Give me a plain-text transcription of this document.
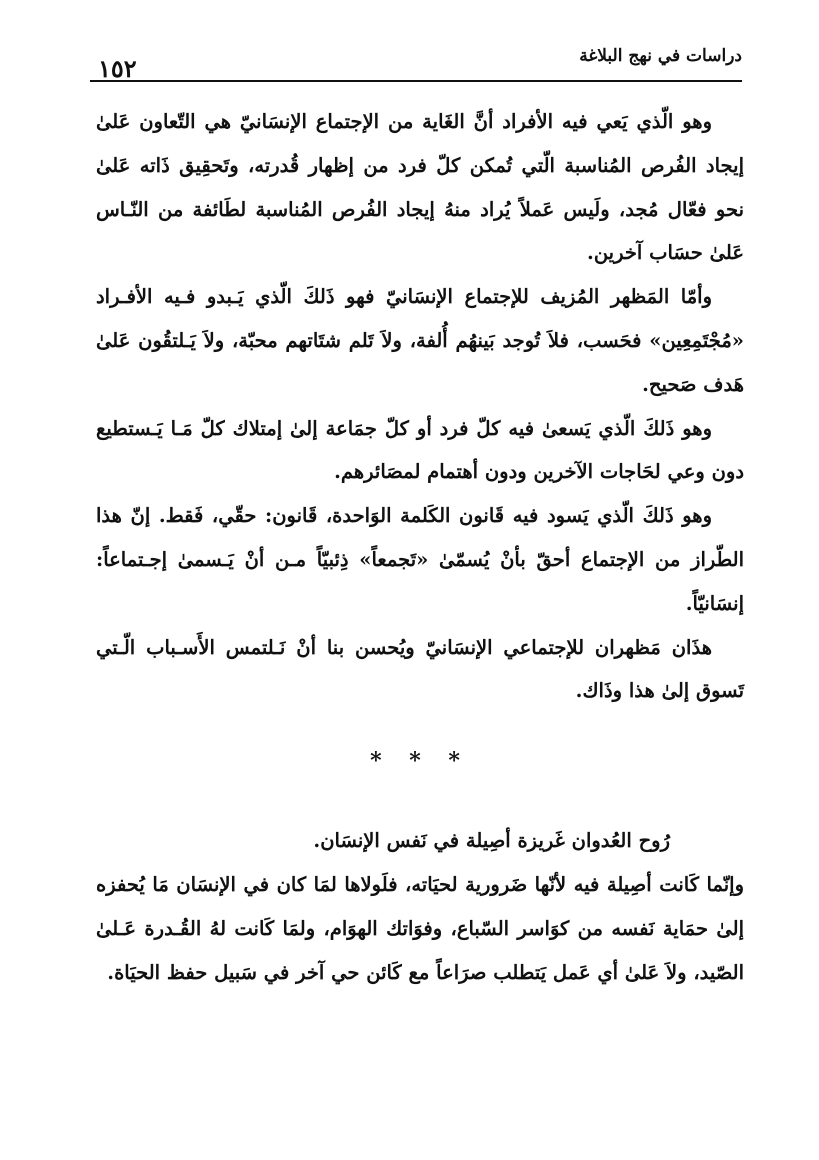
دراسات في نهج البلاغة
١٥٢

وهو الّذي يَعي فيه الأفراد أنَّ الغَاية من الإجتماع الإنسَانيّ هي التّعاون عَلىٰ إيجاد الفُرص المُناسبة الّتي تُمكن كلّ فرد من إظهار قُدرته، وتَحقِيق ذَاته عَلىٰ نحو فعّال مُجد، ولَيس عَملاً يُراد منهُ إيجاد الفُرص المُناسبة لطَائفة من النّـاس عَلىٰ حسَاب آخرين.

وأمّا المَظهر المُزيف للإجتماع الإنسَانيّ فهو ذَلكَ الّذي يَـبدو فـيه الأفـراد «مُجْتَمِعِين» فحَسب، فلاَ تُوجد بَينهُم أُلفة، ولاَ تَلم شتَاتهم محبّة، ولاَ يَـلتقُون عَلىٰ هَدف صَحيح.

وهو ذَلكَ الّذي يَسعىٰ فيه كلّ فرد أو كلّ جمَاعة إلىٰ إمتلاك كلّ مَـا يَـستطيع دون وعي لحَاجات الآخرين ودون أهتمام لمصَائرهم.

وهو ذَلكَ الّذي يَسود فيه قَانون الكَلمة الوَاحدة، قَانون: حقّي، فَقط. إنّ هذا الطّراز من الإجتماع أحقّ بأنْ يُسمّىٰ «تَجمعاً» ذِئبيّاً مـن أنْ يَـسمىٰ إجـتماعاً: إنسَانيّاً.

هذَان مَظهران للإجتماعي الإنسَانيّ ويُحسن بنا أنْ نَـلتمس الأَسـباب الّـتي تَسوق إلىٰ هذا وذَاك.

* * *

رُوح العُدوان غَريزة أصِيلة في نَفس الإنسَان.

وإنّما كَانت أصِيلة فيه لأنّها ضَرورية لحيَاته، فلَولاها لمَا كان في الإنسَان مَا يُحفزه إلىٰ حمَاية نَفسه من كوَاسر السّباع، وفوَاتك الهوَام، ولمَا كَانت لهُ القُـدرة عَـلىٰ الصّيد، ولاَ عَلىٰ أي عَمل يَتطلب صرَاعاً مع كَائن حي آخر في سَبيل حفظ الحيَاة.
